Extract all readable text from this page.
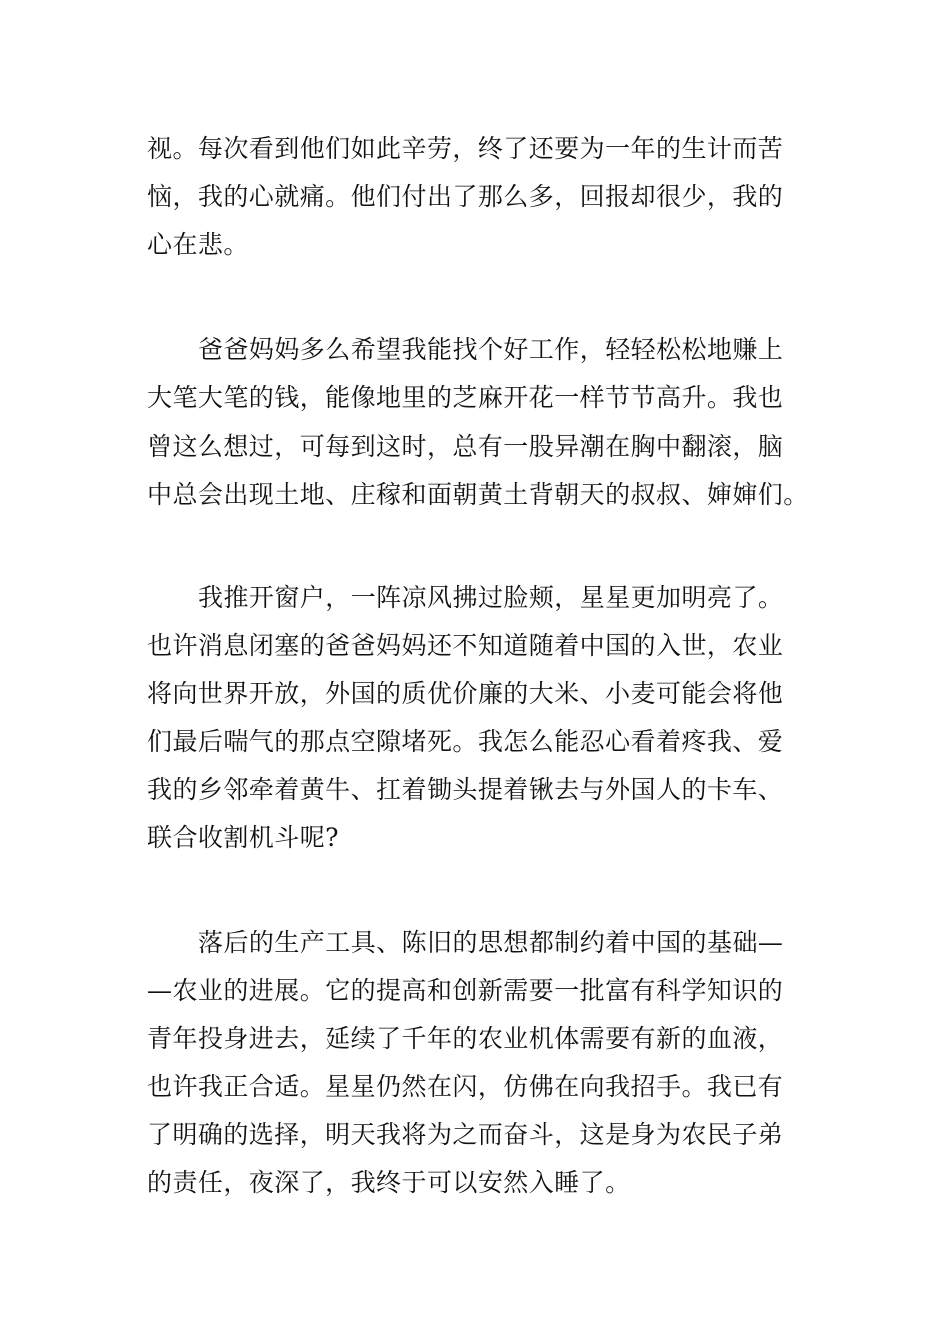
视。每次看到他们如此辛劳，终了还要为一年的生计而苦
恼，我的心就痛。他们付出了那么多，回报却很少，我的
心在悲。
爸爸妈妈多么希望我能找个好工作，轻轻松松地赚上
大笔大笔的钱，能像地里的芝麻开花一样节节高升。我也
曾这么想过，可每到这时，总有一股异潮在胸中翻滚，脑
中总会出现土地、庄稼和面朝黄土背朝天的叔叔、婶婶们。
我推开窗户，一阵凉风拂过脸颊，星星更加明亮了。
也许消息闭塞的爸爸妈妈还不知道随着中国的入世，农业
将向世界开放，外国的质优价廉的大米、小麦可能会将他
们最后喘气的那点空隙堵死。我怎么能忍心看着疼我、爱
我的乡邻牵着黄牛、扛着锄头提着锹去与外国人的卡车、
联合收割机斗呢?
落后的生产工具、陈旧的思想都制约着中国的基础—
—农业的进展。它的提高和创新需要一批富有科学知识的
青年投身进去，延续了千年的农业机体需要有新的血液，
也许我正合适。星星仍然在闪，仿佛在向我招手。我已有
了明确的选择，明天我将为之而奋斗，这是身为农民子弟
的责任，夜深了，我终于可以安然入睡了。
